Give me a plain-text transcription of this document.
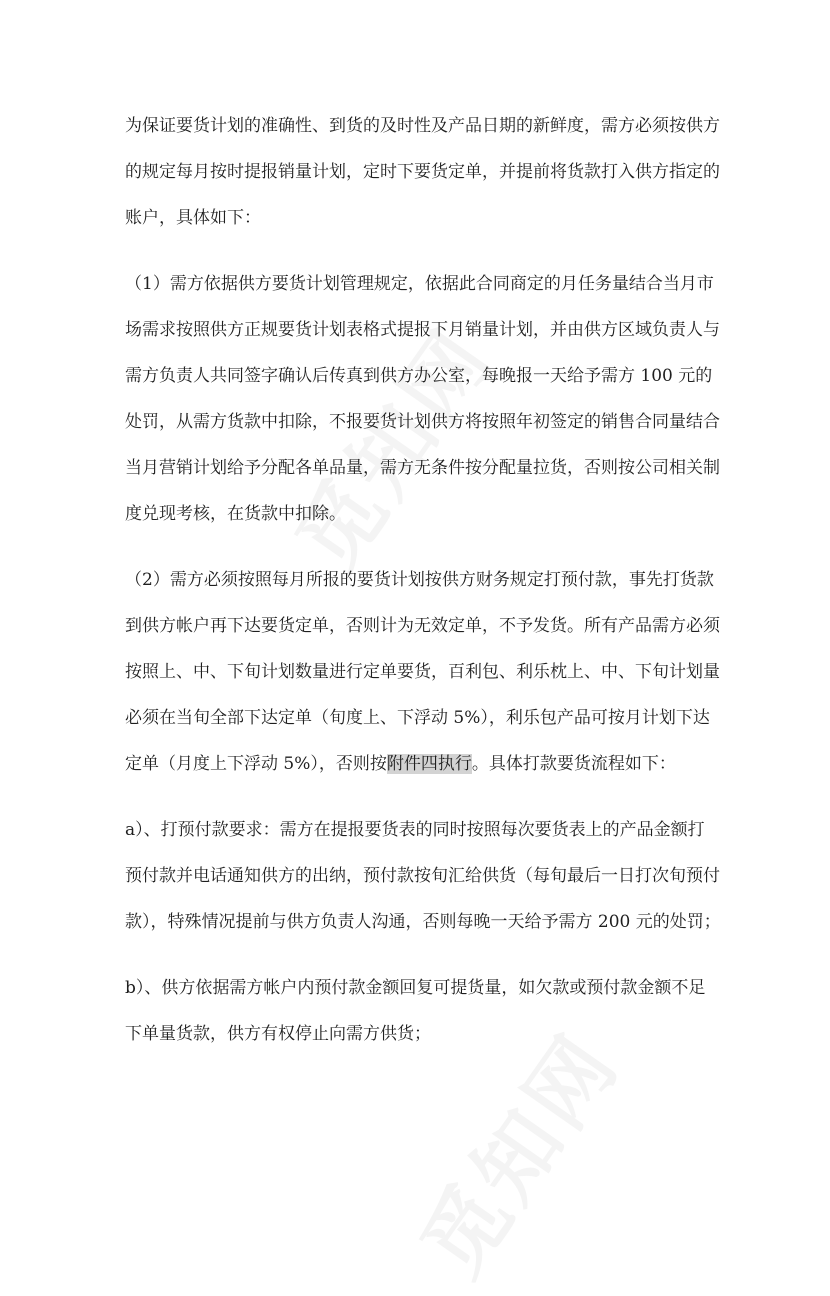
为保证要货计划的准确性、到货的及时性及产品日期的新鲜度，需方必须按供方
的规定每月按时提报销量计划，定时下要货定单，并提前将货款打入供方指定的
账户，具体如下：

（1）需方依据供方要货计划管理规定，依据此合同商定的月任务量结合当月市
场需求按照供方正规要货计划表格式提报下月销量计划，并由供方区域负责人与
需方负责人共同签字确认后传真到供方办公室，每晚报一天给予需方 100 元的
处罚，从需方货款中扣除，不报要货计划供方将按照年初签定的销售合同量结合
当月营销计划给予分配各单品量，需方无条件按分配量拉货，否则按公司相关制
度兑现考核，在货款中扣除。

（2）需方必须按照每月所报的要货计划按供方财务规定打预付款，事先打货款
到供方帐户再下达要货定单，否则计为无效定单，不予发货。所有产品需方必须
按照上、中、下旬计划数量进行定单要货，百利包、利乐枕上、中、下旬计划量
必须在当旬全部下达定单（旬度上、下浮动 5%），利乐包产品可按月计划下达
定单（月度上下浮动 5%），否则按附件四执行。具体打款要货流程如下：

a）、打预付款要求：需方在提报要货表的同时按照每次要货表上的产品金额打
预付款并电话通知供方的出纳，预付款按旬汇给供货（每旬最后一日打次旬预付
款），特殊情况提前与供方负责人沟通，否则每晚一天给予需方 200 元的处罚；

b）、供方依据需方帐户内预付款金额回复可提货量，如欠款或预付款金额不足
下单量货款，供方有权停止向需方供货；
